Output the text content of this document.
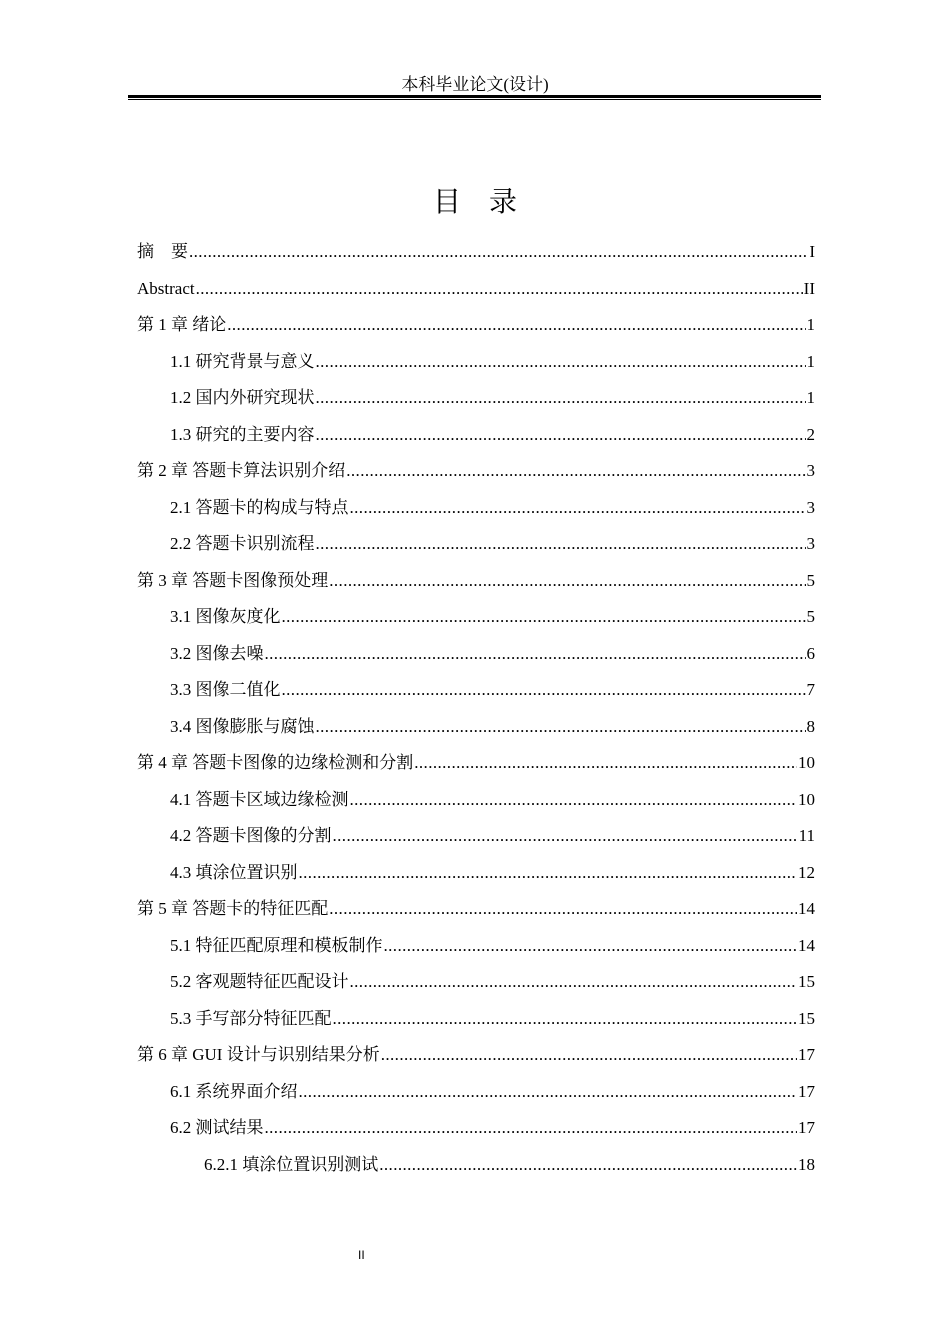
本科毕业论文(设计)
目 录
摘　要 .....	I
Abstract .....	II
第 1 章 绪论 .....	1
1.1 研究背景与意义 .....	1
1.2 国内外研究现状 .....	1
1.3 研究的主要内容 .....	2
第 2 章 答题卡算法识别介绍 .....	3
2.1 答题卡的构成与特点 .....	3
2.2 答题卡识别流程 .....	3
第 3 章 答题卡图像预处理 .....	5
3.1 图像灰度化 .....	5
3.2 图像去噪 .....	6
3.3 图像二值化 .....	7
3.4 图像膨胀与腐蚀 .....	8
第 4 章 答题卡图像的边缘检测和分割 .....	10
4.1 答题卡区域边缘检测 .....	10
4.2 答题卡图像的分割 .....	11
4.3 填涂位置识别 .....	12
第 5 章 答题卡的特征匹配 .....	14
5.1 特征匹配原理和模板制作 .....	14
5.2 客观题特征匹配设计 .....	15
5.3 手写部分特征匹配 .....	15
第 6 章 GUI 设计与识别结果分析 .....	17
6.1 系统界面介绍 .....	17
6.2 测试结果 .....	17
6.2.1 填涂位置识别测试 .....	18
II
